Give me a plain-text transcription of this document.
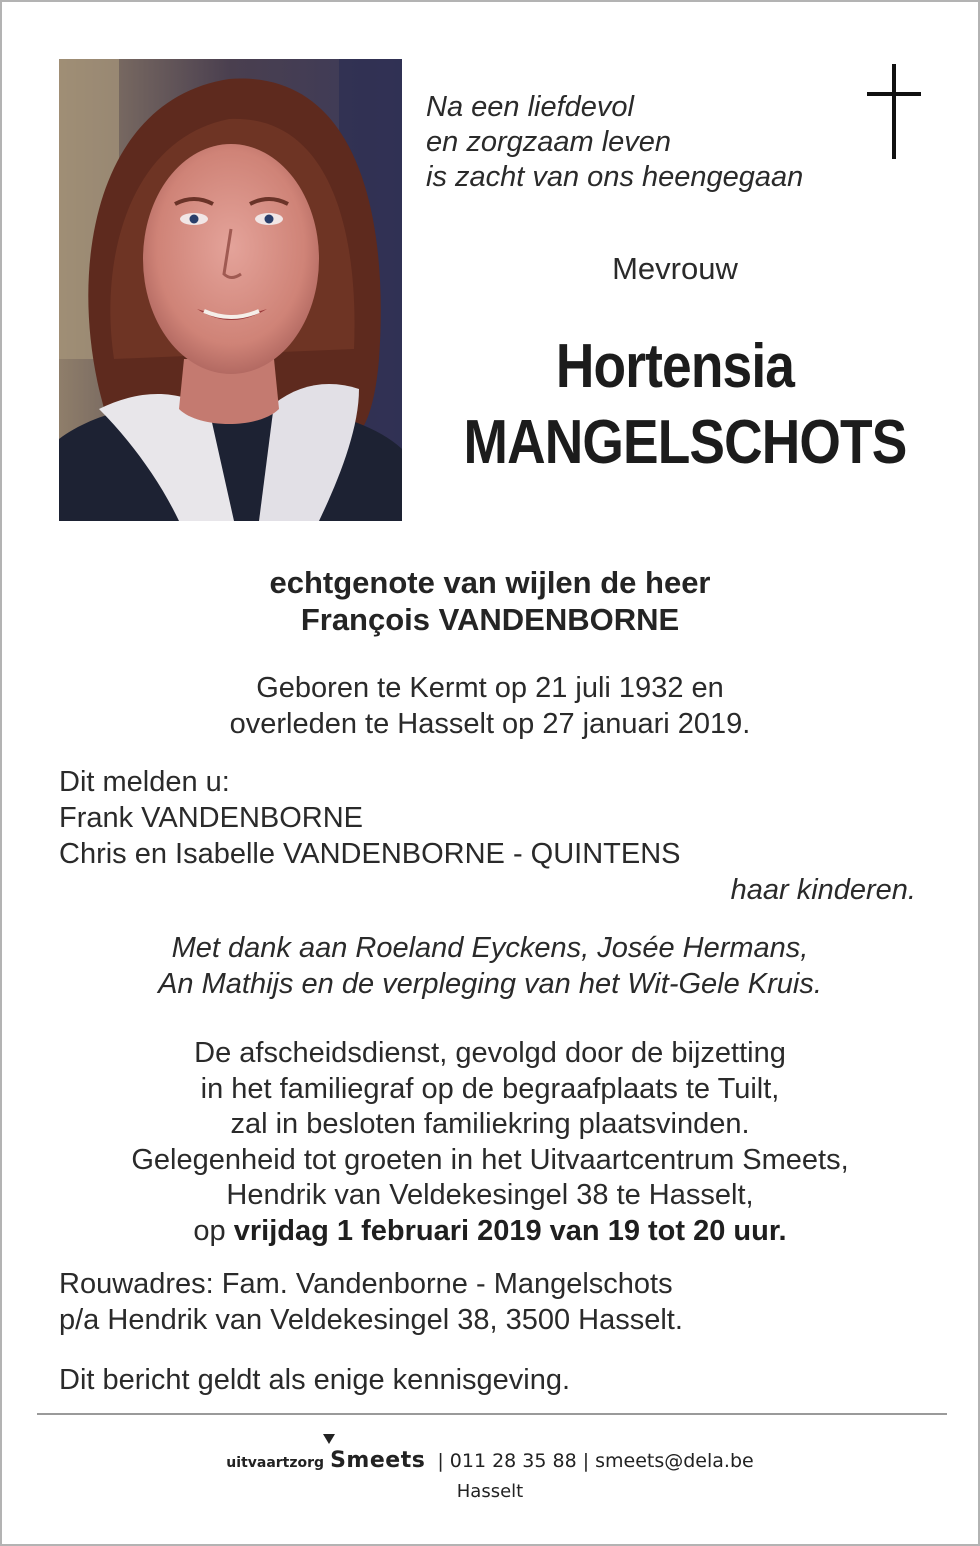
Na een liefdevol
en zorgzaam leven
is zacht van ons heengegaan
Mevrouw
Hortensia
MANGELSCHOTS
echtgenote van wijlen de heer
François VANDENBORNE
Geboren te Kermt op 21 juli 1932 en
overleden te Hasselt op 27 januari 2019.
Dit melden u:
Frank VANDENBORNE
Chris en Isabelle VANDENBORNE - QUINTENS
haar kinderen.
Met dank aan Roeland Eyckens, Josée Hermans,
An Mathijs en de verpleging van het Wit-Gele Kruis.
De afscheidsdienst, gevolgd door de bijzetting
in het familiegraf op de begraafplaats te Tuilt,
zal in besloten familiekring plaatsvinden.
Gelegenheid tot groeten in het Uitvaartcentrum Smeets,
Hendrik van Veldekesingel 38 te Hasselt,
op vrijdag 1 februari 2019 van 19 tot 20 uur.
Rouwadres: Fam. Vandenborne - Mangelschots
p/a Hendrik van Veldekesingel 38, 3500 Hasselt.
Dit bericht geldt als enige kennisgeving.
uitvaartzorg Smeets | 011 28 35 88 | smeets@dela.be
Hasselt
